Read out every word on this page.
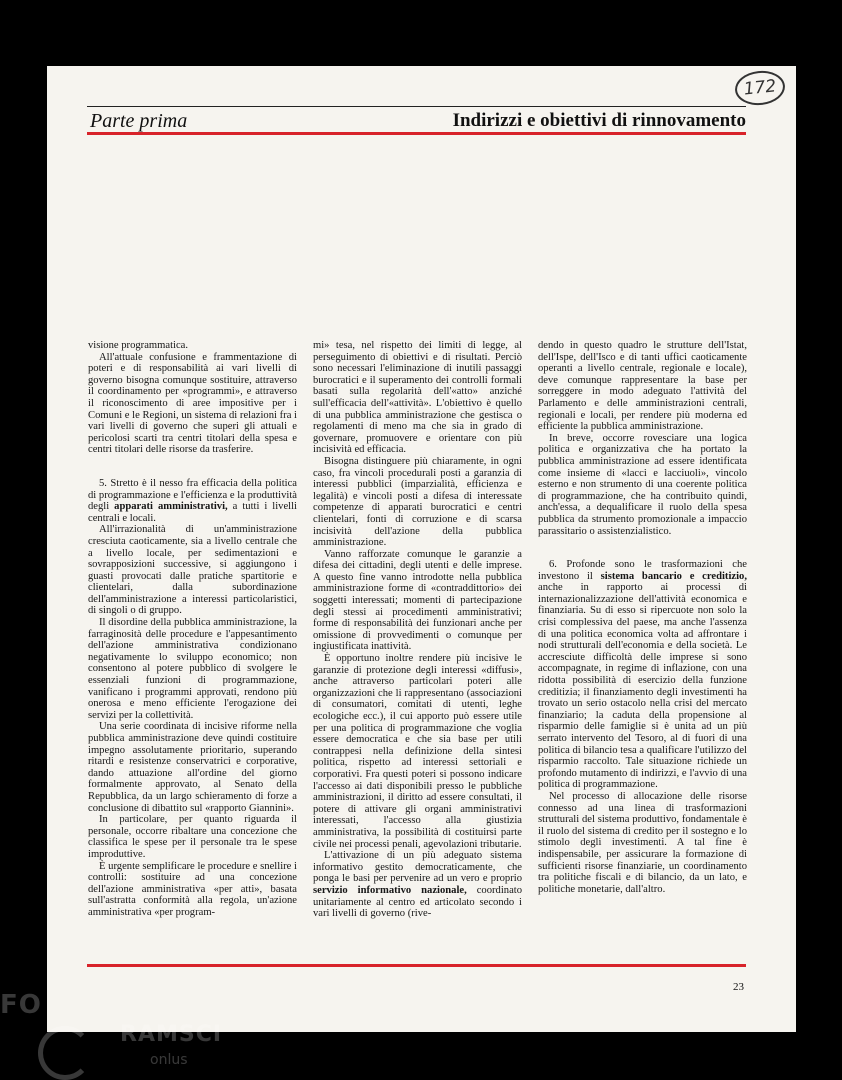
172
Parte prima	Indirizzi e obiettivi di rinnovamento

visione programmatica.

All'attuale confusione e frammentazione di poteri e di responsabilità ai vari livelli di governo bisogna comunque sostituire, attraverso il coordinamento per «programmi», e attraverso il riconoscimento di aree impositive per i Comuni e le Regioni, un sistema di relazioni fra i vari livelli di governo che superi gli attuali e pericolosi scarti tra centri titolari della spesa e centri titolari delle risorse da trasferire.

5. Stretto è il nesso fra efficacia della politica di programmazione e l'efficienza e la produttività degli apparati amministrativi, a tutti i livelli centrali e locali.

All'irrazionalità di un'amministrazione cresciuta caoticamente, sia a livello centrale che a livello locale, per sedimentazioni e sovrapposizioni successive, si aggiungono i guasti provocati dalle pratiche spartitorie e clientelari, dalla subordinazione dell'amministrazione a interessi particolaristici, di singoli o di gruppo.

Il disordine della pubblica amministrazione, la farraginosità delle procedure e l'appesantimento dell'azione amministrativa condizionano negativamente lo sviluppo economico; non consentono al potere pubblico di svolgere le essenziali funzioni di programmazione, vanificano i programmi approvati, rendono più onerosa e meno efficiente l'erogazione dei servizi per la collettività.

Una serie coordinata di incisive riforme nella pubblica amministrazione deve quindi costituire impegno assolutamente prioritario, superando ritardi e resistenze conservatrici e corporative, dando attuazione all'ordine del giorno formalmente approvato, al Senato della Repubblica, da un largo schieramento di forze a conclusione di dibattito sul «rapporto Giannini».

In particolare, per quanto riguarda il personale, occorre ribaltare una concezione che classifica le spese per il personale tra le spese improduttive.

È urgente semplificare le procedure e snellire i controlli: sostituire ad una concezione dell'azione amministrativa «per atti», basata sull'astratta conformità alla regola, un'azione amministrativa «per program-

mi» tesa, nel rispetto dei limiti di legge, al perseguimento di obiettivi e di risultati. Perciò sono necessari l'eliminazione di inutili passaggi burocratici e il superamento dei controlli formali basati sulla regolarità dell'«atto» anziché sull'efficacia dell'«attività». L'obiettivo è quello di una pubblica amministrazione che gestisca o regolamenti di meno ma che sia in grado di governare, promuovere e orientare con più incisività ed efficacia.

Bisogna distinguere più chiaramente, in ogni caso, fra vincoli procedurali posti a garanzia di interessi pubblici (imparzialità, efficienza e legalità) e vincoli posti a difesa di interessate competenze di apparati burocratici e centri clientelari, fonti di corruzione e di scarsa incisività dell'azione della pubblica amministrazione.

Vanno rafforzate comunque le garanzie a difesa dei cittadini, degli utenti e delle imprese. A questo fine vanno introdotte nella pubblica amministrazione forme di «contraddittorio» dei soggetti interessati; momenti di partecipazione degli stessi ai procedimenti amministrativi; forme di responsabilità dei funzionari anche per omissione di provvedimenti o comunque per ingiustificata inattività.

È opportuno inoltre rendere più incisive le garanzie di protezione degli interessi «diffusi», anche attraverso particolari poteri alle organizzazioni che li rappresentano (associazioni di consumatori, comitati di utenti, leghe ecologiche ecc.), il cui apporto può essere utile per una politica di programmazione che voglia essere democratica e che sia base per utili contrappesi nella definizione della sintesi politica, rispetto ad interessi settoriali e corporativi. Fra questi poteri si possono indicare l'accesso ai dati disponibili presso le pubbliche amministrazioni, il diritto ad essere consultati, il potere di attivare gli organi amministrativi interessati, l'accesso alla giustizia amministrativa, la possibilità di costituirsi parte civile nei processi penali, agevolazioni tributarie.

L'attivazione di un più adeguato sistema informativo gestito democraticamente, che ponga le basi per pervenire ad un vero e proprio servizio informativo nazionale, coordinato unitariamente al centro ed articolato secondo i vari livelli di governo (rive-

dendo in questo quadro le strutture dell'Istat, dell'Ispe, dell'Isco e di tanti uffici caoticamente operanti a livello centrale, regionale e locale), deve comunque rappresentare la base per sorreggere in modo adeguato l'attività del Parlamento e delle amministrazioni centrali, regionali e locali, per rendere più moderna ed efficiente la pubblica amministrazione.

In breve, occorre rovesciare una logica politica e organizzativa che ha portato la pubblica amministrazione ad essere identificata come insieme di «lacci e lacciuoli», vincolo esterno e non strumento di una coerente politica di programmazione, che ha contribuito quindi, anch'essa, a dequalificare il ruolo della spesa pubblica da strumento promozionale a impaccio parassitario o assistenzialistico.

6. Profonde sono le trasformazioni che investono il sistema bancario e creditizio, anche in rapporto ai processi di internazionalizzazione dell'attività economica e finanziaria. Su di esso si ripercuote non solo la crisi complessiva del paese, ma anche l'assenza di una politica economica volta ad affrontare i nodi strutturali dell'economia e della società. Le accresciute difficoltà delle imprese si sono accompagnate, in regime di inflazione, con una ridotta possibilità di esercizio della funzione creditizia; il finanziamento degli investimenti ha trovato un serio ostacolo nella crisi del mercato finanziario; la caduta della propensione al risparmio delle famiglie si è unita ad un più serrato intervento del Tesoro, al di fuori di una politica di bilancio tesa a qualificare l'utilizzo del risparmio raccolto. Tale situazione richiede un profondo mutamento di indirizzi, e l'avvio di una politica di programmazione.

Nel processo di allocazione delle risorse connesso ad una linea di trasformazioni strutturali del sistema produttivo, fondamentale è il ruolo del sistema di credito per il sostegno e lo stimolo degli investimenti. A tal fine è indispensabile, per assicurare la formazione di sufficienti risorse finanziarie, un coordinamento tra politiche fiscali e di bilancio, da un lato, e politiche monetarie, dall'altro.

23
FO
RAMSCI
onlus
